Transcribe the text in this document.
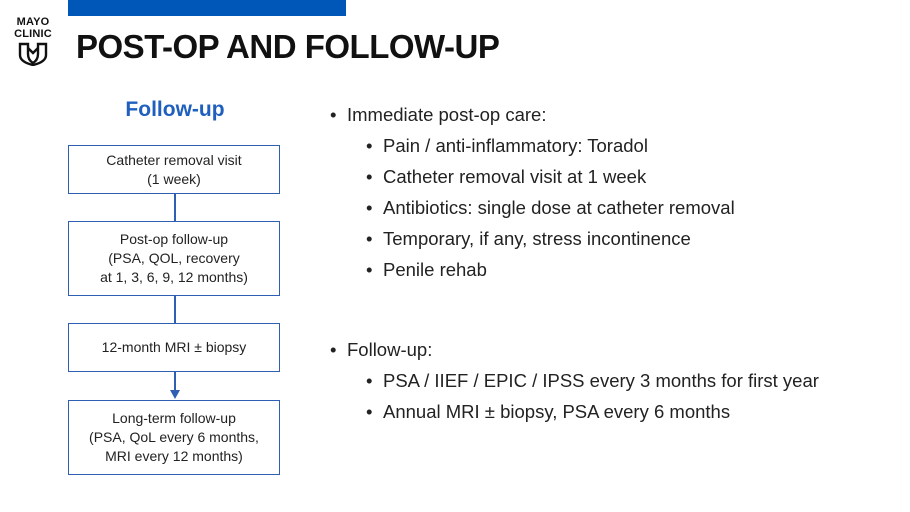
MAYO
CLINIC POST-OP AND FOLLOW-UP
Follow-up
Catheter removal visit
(1 week)
Post-op follow-up
(PSA, QOL, recovery
at 1, 3, 6, 9, 12 months)
12-month MRI ± biopsy
Long-term follow-up
(PSA, QoL every 6 months,
MRI every 12 months)
• Immediate post-op care:
• Pain / anti-inflammatory: Toradol
• Catheter removal visit at 1 week
• Antibiotics: single dose at catheter removal
• Temporary, if any, stress incontinence
• Penile rehab
• Follow-up:
• PSA / IIEF / EPIC / IPSS every 3 months for first year
• Annual MRI ± biopsy, PSA every 6 months
